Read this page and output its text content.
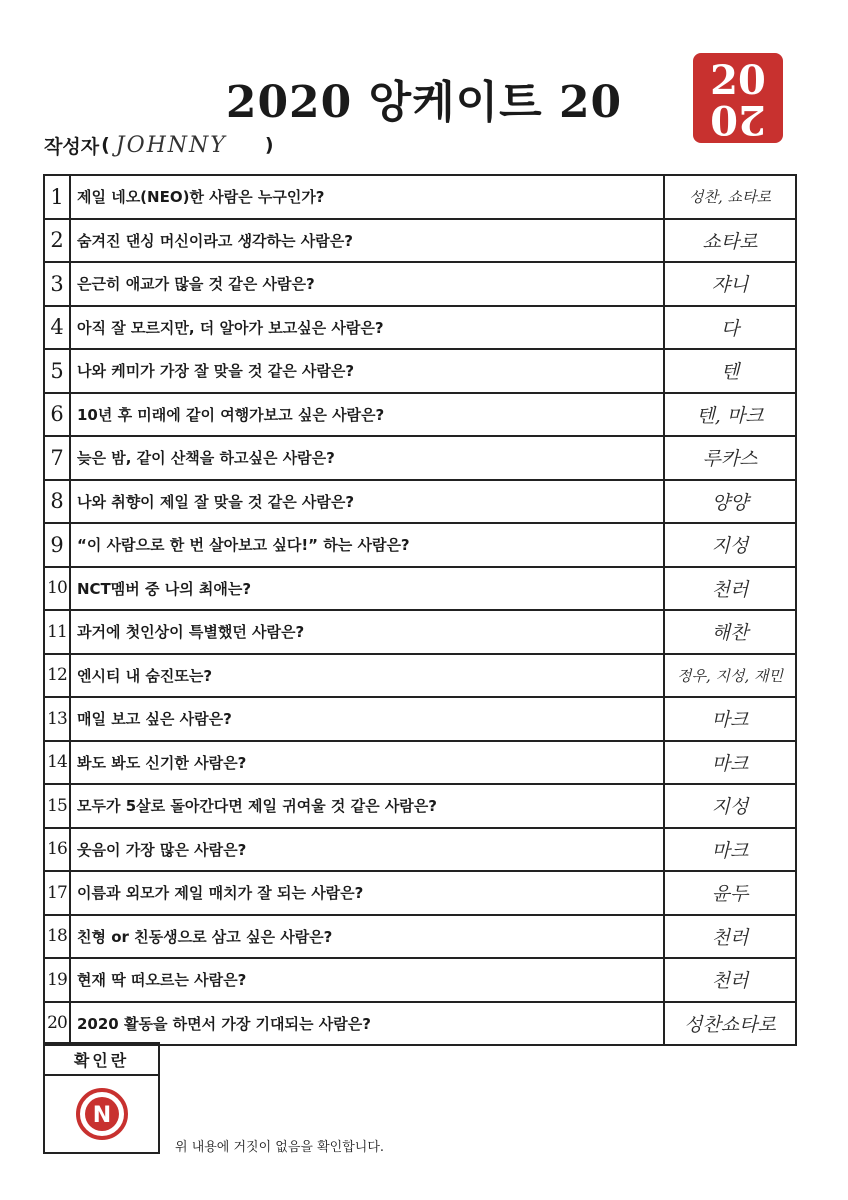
2020 앙케이트 20	20
20
작성자 ( JOHNNY )
1 제일 네오(NEO)한 사람은 누구인가?	성찬, 쇼타로
2 숨겨진 댄싱 머신이라고 생각하는 사람은?	쇼타로
3 은근히 애교가 많을 것 같은 사람은?	쟈니
4 아직 잘 모르지만, 더 알아가 보고싶은 사람은?	다
5 나와 케미가 가장 잘 맞을 것 같은 사람은?	텐
6 10년 후 미래에 같이 여행가보고 싶은 사람은?	텐, 마크
7 늦은 밤, 같이 산책을 하고싶은 사람은?	루카스
8 나와 취향이 제일 잘 맞을 것 같은 사람은?	양양
9 “이 사람으로 한 번 살아보고 싶다!” 하는 사람은?	지성
10 NCT멤버 중 나의 최애는?	천러
11 과거에 첫인상이 특별했던 사람은?	해찬
12 엔시티 내 숨진또는?	정우, 지성, 재민
13 매일 보고 싶은 사람은?	마크
14 봐도 봐도 신기한 사람은?	마크
15 모두가 5살로 돌아간다면 제일 귀여울 것 같은 사람은?	지성
16 웃음이 가장 많은 사람은?	마크
17 이름과 외모가 제일 매치가 잘 되는 사람은?	윤두
18 친형 or 친동생으로 삼고 싶은 사람은?	천러
19 현재 딱 떠오르는 사람은?	천러
20 2020 활동을 하면서 가장 기대되는 사람은?	성찬쇼타로
확인란
N
위 내용에 거짓이 없음을 확인합니다.
